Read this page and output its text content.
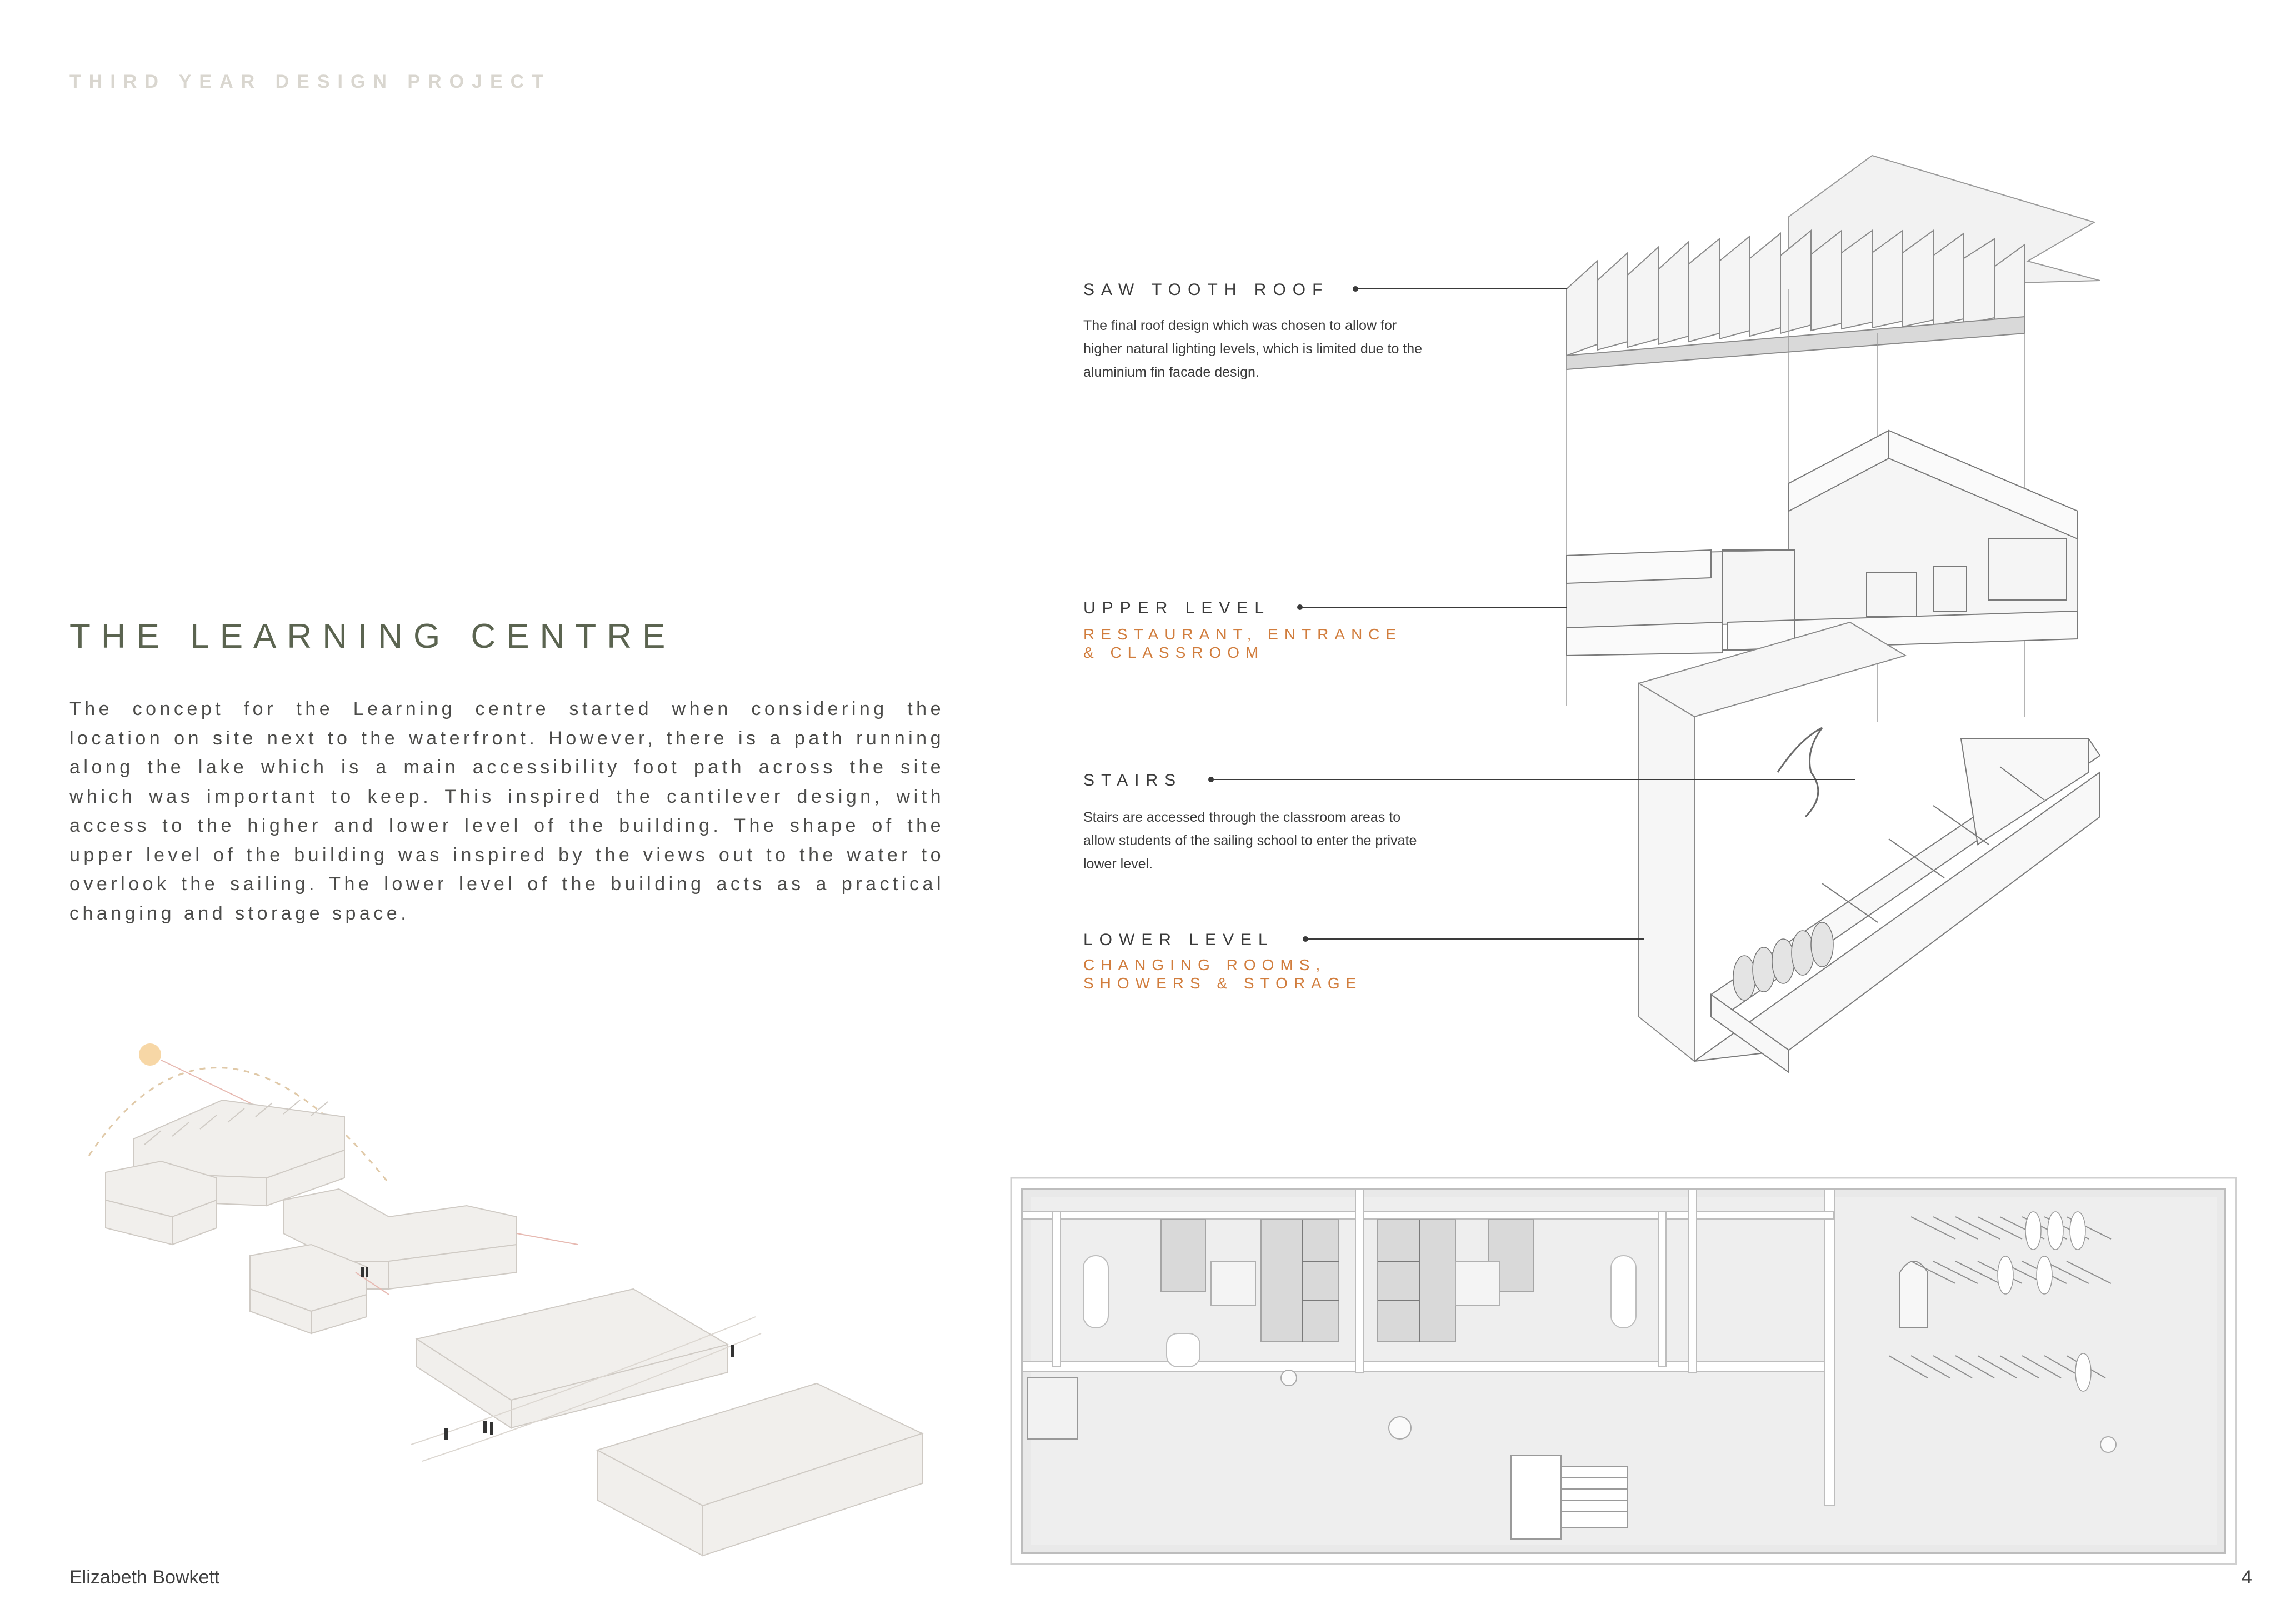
THIRD YEAR DESIGN PROJECT
THE LEARNING CENTRE
The concept for the Learning centre started when considering the location on site next to the waterfront. However, there is a path running along the lake which is a main accessibility foot path across the site which was important to keep. This inspired the cantilever design, with access to the higher and lower level of the building. The shape of the upper level of the building was inspired by the views out to the water to overlook the sailing. The lower level of the building acts as a practical changing and storage space.
SAW TOOTH ROOF
The final roof design which was chosen to allow for higher natural lighting levels, which is limited due to the aluminium fin facade design.
UPPER LEVEL
RESTAURANT, ENTRANCE
& CLASSROOM
STAIRS
Stairs are accessed through the classroom areas to allow students of the sailing school to enter the private lower level.
LOWER LEVEL
CHANGING ROOMS,
SHOWERS & STORAGE
Elizabeth Bowkett	4
